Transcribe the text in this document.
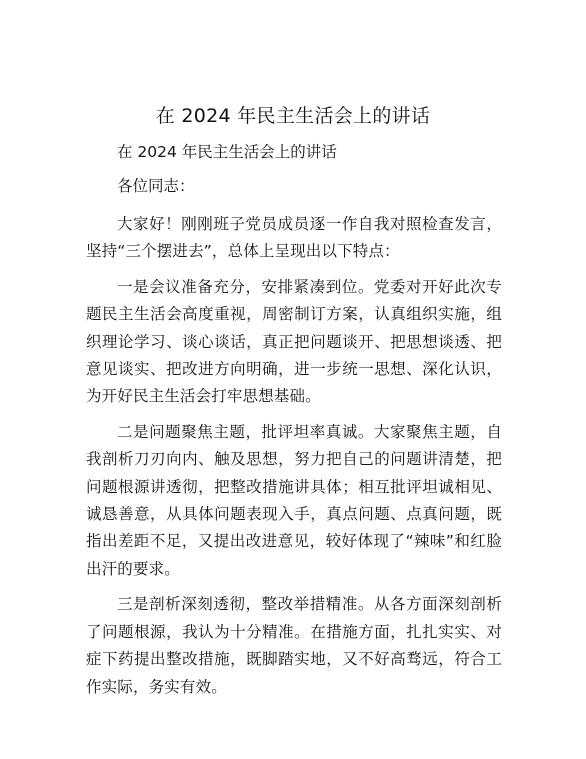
在 2024 年民主生活会上的讲话

在 2024 年民主生活会上的讲话

各位同志：

大家好！刚刚班子党员成员逐一作自我对照检查发言，坚持“三个摆进去”，总体上呈现出以下特点：

一是会议准备充分，安排紧凑到位。党委对开好此次专题民主生活会高度重视，周密制订方案，认真组织实施，组织理论学习、谈心谈话，真正把问题谈开、把思想谈透、把意见谈实、把改进方向明确，进一步统一思想、深化认识，为开好民主生活会打牢思想基础。

二是问题聚焦主题，批评坦率真诚。大家聚焦主题，自我剖析刀刃向内、触及思想，努力把自己的问题讲清楚，把问题根源讲透彻，把整改措施讲具体；相互批评坦诚相见、诚恳善意，从具体问题表现入手，真点问题、点真问题，既指出差距不足，又提出改进意见，较好体现了“辣味”和红脸出汗的要求。

三是剖析深刻透彻，整改举措精准。从各方面深刻剖析了问题根源，我认为十分精准。在措施方面，扎扎实实、对症下药提出整改措施，既脚踏实地，又不好高骛远，符合工作实际，务实有效。
